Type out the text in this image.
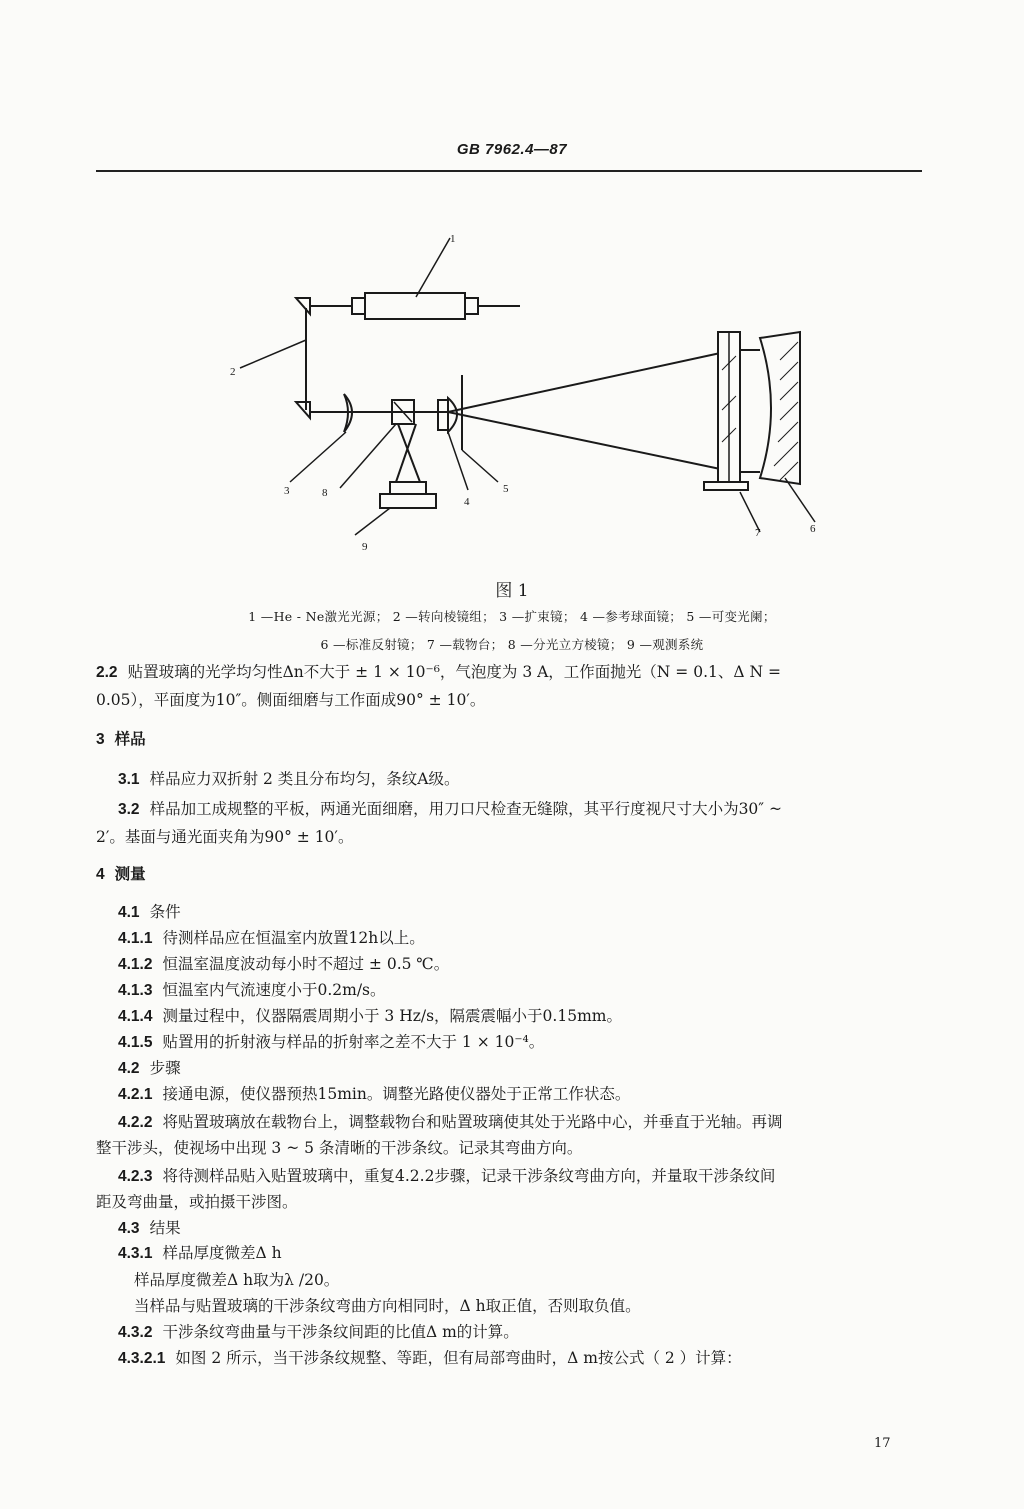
GB 7962.4—87
1
2
3	8
4
5
7	6
9
图 1
1 —He - Ne激光光源； 2 —转向棱镜组； 3 —扩束镜； 4 —参考球面镜； 5 —可变光阑；
6 —标准反射镜； 7 —载物台； 8 —分光立方棱镜； 9 —观测系统
2.2 贴置玻璃的光学均匀性Δn不大于 ± 1 × 10⁻⁶，气泡度为 3 A，工作面抛光（N = 0.1、Δ N =
0.05），平面度为10″。侧面细磨与工作面成90° ± 10′。
3 样品
3.1 样品应力双折射 2 类且分布均匀，条纹A级。
3.2 样品加工成规整的平板，两通光面细磨，用刀口尺检查无缝隙，其平行度视尺寸大小为30″ ~
2′。基面与通光面夹角为90° ± 10′。
4 测量
4.1 条件
4.1.1 待测样品应在恒温室内放置12h以上。
4.1.2 恒温室温度波动每小时不超过 ± 0.5 ℃。
4.1.3 恒温室内气流速度小于0.2m/s。
4.1.4 测量过程中，仪器隔震周期小于 3 Hz/s，隔震震幅小于0.15mm。
4.1.5 贴置用的折射液与样品的折射率之差不大于 1 × 10⁻⁴。
4.2 步骤
4.2.1 接通电源，使仪器预热15min。调整光路使仪器处于正常工作状态。
4.2.2 将贴置玻璃放在载物台上，调整载物台和贴置玻璃使其处于光路中心，并垂直于光轴。再调
整干涉头，使视场中出现 3 ~ 5 条清晰的干涉条纹。记录其弯曲方向。
4.2.3 将待测样品贴入贴置玻璃中，重复4.2.2步骤，记录干涉条纹弯曲方向，并量取干涉条纹间
距及弯曲量，或拍摄干涉图。
4.3 结果
4.3.1 样品厚度微差Δ h
样品厚度微差Δ h取为λ /20。
当样品与贴置玻璃的干涉条纹弯曲方向相同时，Δ h取正值，否则取负值。
4.3.2 干涉条纹弯曲量与干涉条纹间距的比值Δ m的计算。
4.3.2.1 如图 2 所示，当干涉条纹规整、等距，但有局部弯曲时，Δ m按公式（ 2 ）计算：
17
